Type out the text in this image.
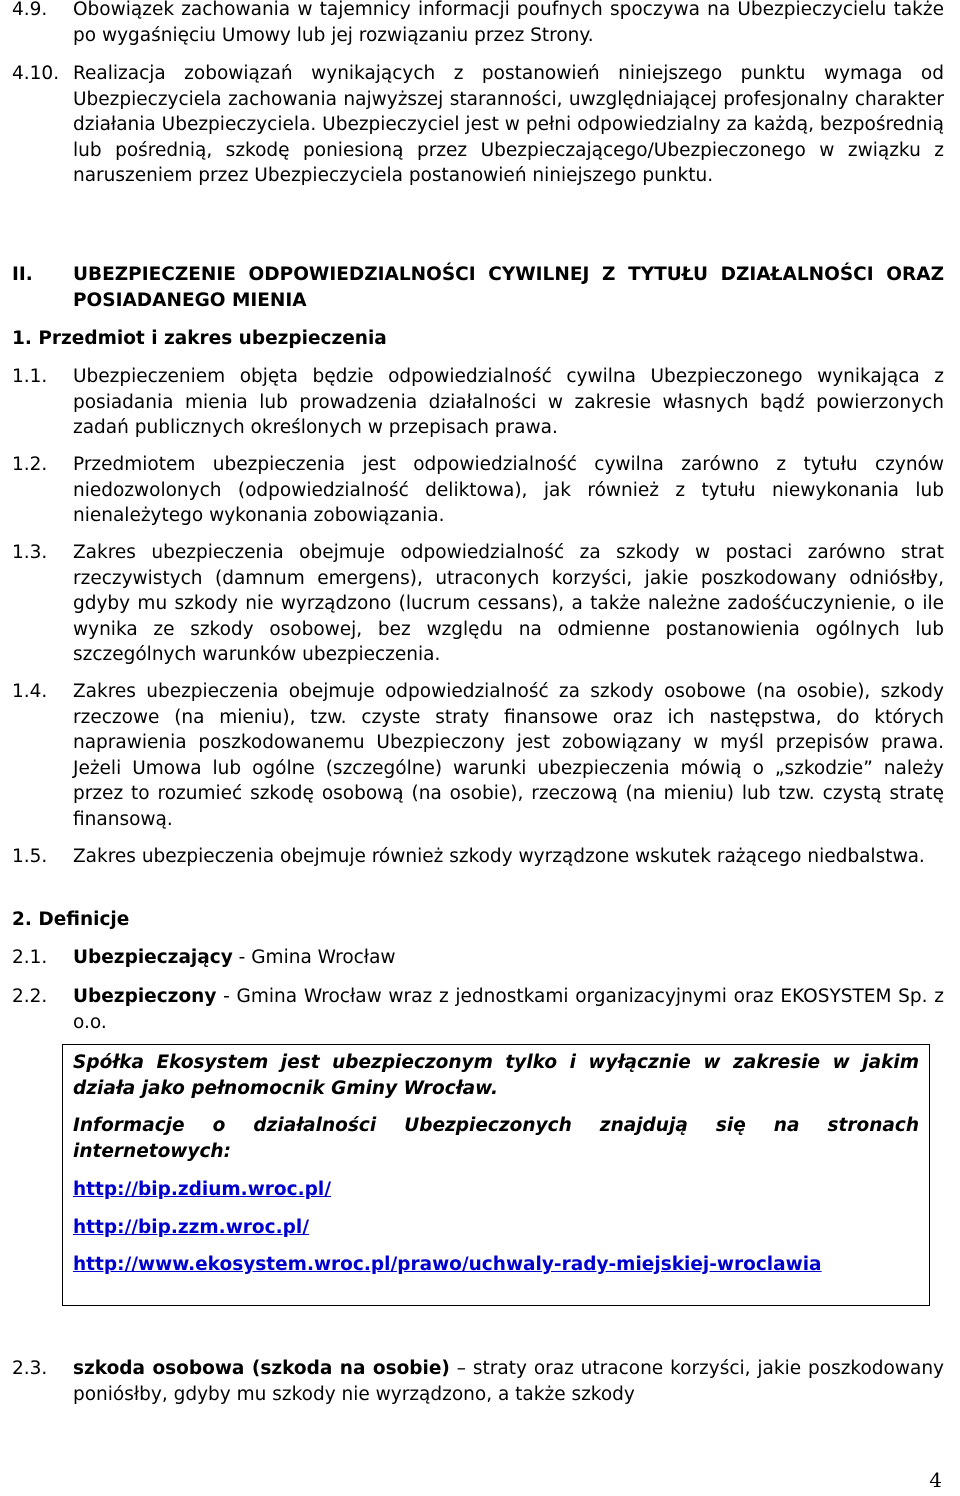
4.9. Obowiązek zachowania w tajemnicy informacji poufnych spoczywa na Ubezpieczycielu także po wygaśnięciu Umowy lub jej rozwiązaniu przez Strony.
4.10. Realizacja zobowiązań wynikających z postanowień niniejszego punktu wymaga od Ubezpieczyciela zachowania najwyższej staranności, uwzględniającej profesjonalny charakter działania Ubezpieczyciela. Ubezpieczyciel jest w pełni odpowiedzialny za każdą, bezpośrednią lub pośrednią, szkodę poniesioną przez Ubezpieczającego/Ubezpieczonego w związku z naruszeniem przez Ubezpieczyciela postanowień niniejszego punktu.
II. UBEZPIECZENIE ODPOWIEDZIALNOŚCI CYWILNEJ Z TYTUŁU DZIAŁALNOŚCI ORAZ POSIADANEGO MIENIA
1. Przedmiot i zakres ubezpieczenia
1.1. Ubezpieczeniem objęta będzie odpowiedzialność cywilna Ubezpieczonego wynikająca z posiadania mienia lub prowadzenia działalności w zakresie własnych bądź powierzonych zadań publicznych określonych w przepisach prawa.
1.2. Przedmiotem ubezpieczenia jest odpowiedzialność cywilna zarówno z tytułu czynów niedozwolonych (odpowiedzialność deliktowa), jak również z tytułu niewykonania lub nienależytego wykonania zobowiązania.
1.3. Zakres ubezpieczenia obejmuje odpowiedzialność za szkody w postaci zarówno strat rzeczywistych (damnum emergens), utraconych korzyści, jakie poszkodowany odniósłby, gdyby mu szkody nie wyrządzono (lucrum cessans), a także należne zadośćuczynienie, o ile wynika ze szkody osobowej, bez względu na odmienne postanowienia ogólnych lub szczególnych warunków ubezpieczenia.
1.4. Zakres ubezpieczenia obejmuje odpowiedzialność za szkody osobowe (na osobie), szkody rzeczowe (na mieniu), tzw. czyste straty finansowe oraz ich następstwa, do których naprawienia poszkodowanemu Ubezpieczony jest zobowiązany w myśl przepisów prawa. Jeżeli Umowa lub ogólne (szczególne) warunki ubezpieczenia mówią o „szkodzie” należy przez to rozumieć szkodę osobową (na osobie), rzeczową (na mieniu) lub tzw. czystą stratę finansową.
1.5. Zakres ubezpieczenia obejmuje również szkody wyrządzone wskutek rażącego niedbalstwa.
2. Definicje
2.1. Ubezpieczający - Gmina Wrocław
2.2. Ubezpieczony - Gmina Wrocław wraz z jednostkami organizacyjnymi oraz EKOSYSTEM Sp. z o.o.

Spółka Ekosystem jest ubezpieczonym tylko i wyłącznie w zakresie w jakim działa jako pełnomocnik Gminy Wrocław.

Informacje o działalności Ubezpieczonych znajdują się na stronach internetowych:

http://bip.zdium.wroc.pl/
http://bip.zzm.wroc.pl/
http://www.ekosystem.wroc.pl/prawo/uchwaly-rady-miejskiej-wroclawia
2.3. szkoda osobowa (szkoda na osobie) – straty oraz utracone korzyści, jakie poszkodowany poniósłby, gdyby mu szkody nie wyrządzono, a także szkody
4
